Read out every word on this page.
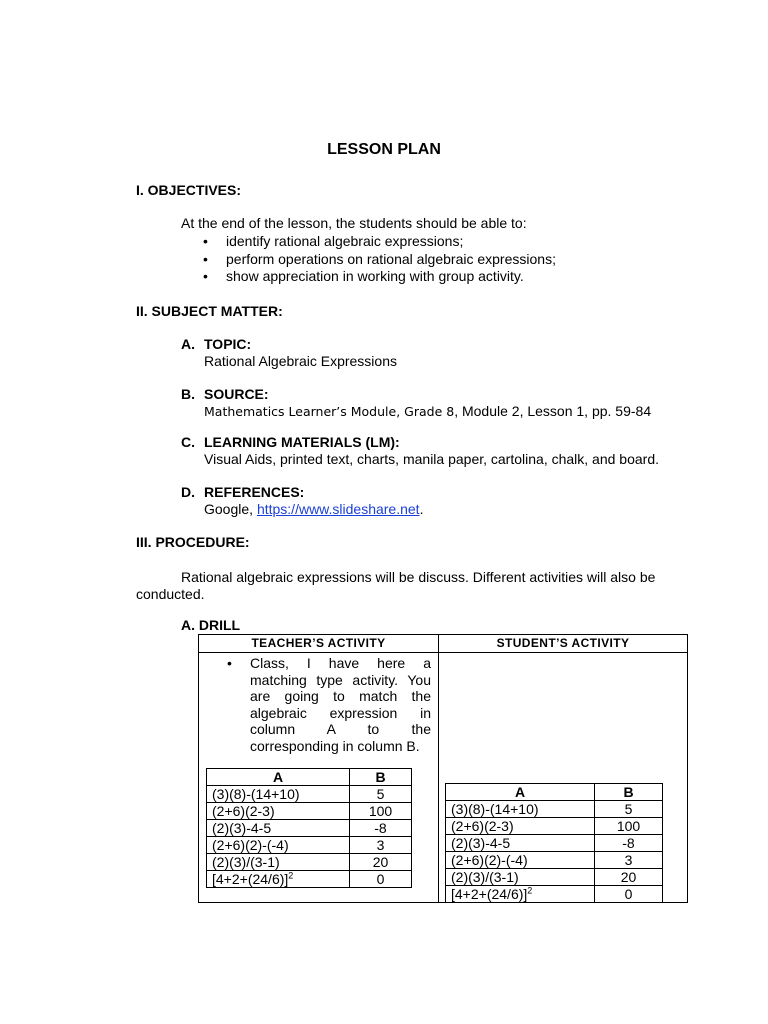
LESSON PLAN
I. OBJECTIVES:
At the end of the lesson, the students should be able to:
• identify rational algebraic expressions;
• perform operations on rational algebraic expressions;
• show appreciation in working with group activity.
II. SUBJECT MATTER:
A. TOPIC:
Rational Algebraic Expressions
B. SOURCE:
Mathematics Learner’s Module, Grade 8, Module 2, Lesson 1, pp. 59-84
C. LEARNING MATERIALS (LM):
Visual Aids, printed text, charts, manila paper, cartolina, chalk, and board.
D. REFERENCES:
Google, https://www.slideshare.net.
III. PROCEDURE:
Rational algebraic expressions will be discuss. Different activities will also be
conducted.
A. DRILL
TEACHER’S ACTIVITY	STUDENT’S ACTIVITY
• Class, I have here a matching type activity. You are going to match the algebraic expression in column A to the corresponding in column B.
A	B
(3)(8)-(14+10)	5
(2+6)(2-3)	100
(2)(3)-4-5	-8
(2+6)(2)-(-4)	3
(2)(3)/(3-1)	20
$[4+2+(24/6)]^2$	0
A	B
(3)(8)-(14+10)	5
(2+6)(2-3)	100
(2)(3)-4-5	-8
(2+6)(2)-(-4)	3
(2)(3)/(3-1)	20
$[4+2+(24/6)]^2$	0
